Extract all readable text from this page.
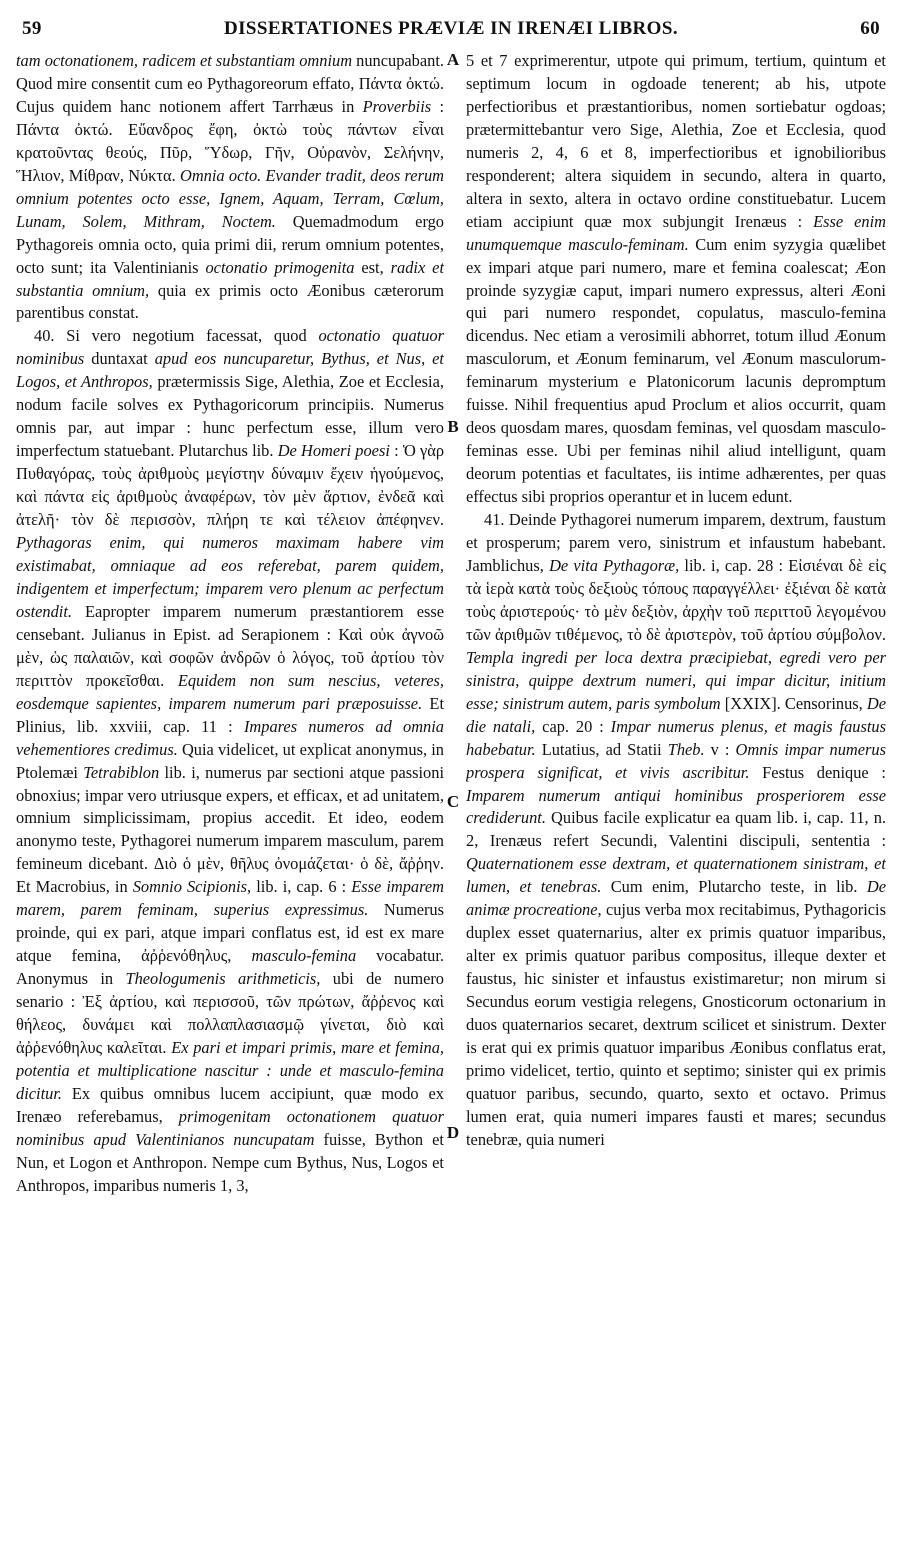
59	DISSERTATIONES PRÆVIÆ IN IRENÆI LIBROS.	60

tam octonationem, radicem et substantiam omnium nuncupabant. Quod mire consentit cum eo Pythagoreorum effato, Πάντα ὀκτώ. Cujus quidem hanc notionem affert Tarrhæus in Proverbiis : Πάντα ὀκτώ. Εὔανδρος ἔφη, ὀκτὼ τοὺς πάντων εἶναι κρατοῦντας θεούς, Πῦρ, Ὕδωρ, Γῆν, Οὐρανὸν, Σελήνην, Ἥλιον, Μίθραν, Νύκτα. Omnia octo. Evander tradit, deos rerum omnium potentes octo esse, Ignem, Aquam, Terram, Cœlum, Lunam, Solem, Mithram, Noctem. Quemadmodum ergo Pythagoreis omnia octo, quia primi dii, rerum omnium potentes, octo sunt; ita Valentinianis octonatio primogenita est, radix et substantia omnium, quia ex primis octo Æonibus cæterorum parentibus constat.

40. Si vero negotium facessat, quod octonatio quatuor nominibus duntaxat apud eos nuncuparetur, Bythus, et Nus, et Logos, et Anthropos, prætermissis Sige, Alethia, Zoe et Ecclesia, nodum facile solves ex Pythagoricorum principiis. Numerus omnis par, aut impar : hunc perfectum esse, illum vero imperfectum statuebant. Plutarchus lib. De Homeri poesi : Ὁ γὰρ Πυθαγόρας, τοὺς ἀριθμοὺς μεγίστην δύναμιν ἔχειν ἡγούμενος, καὶ πάντα εἰς ἀριθμοὺς ἀναφέρων, τὸν μὲν ἄρτιον, ἐνδεᾶ καὶ ἀτελῆ· τὸν δὲ περισσὸν, πλήρη τε καὶ τέλειον ἀπέφηνεν. Pythagoras enim, qui numeros maximam habere vim existimabat, omniaque ad eos referebat, parem quidem, indigentem et imperfectum; imparem vero plenum ac perfectum ostendit. Eapropter imparem numerum præstantiorem esse censebant. Julianus in Epist. ad Serapionem : Καὶ οὐκ ἀγνοῶ μὲν, ὡς παλαιῶν, καὶ σοφῶν ἀνδρῶν ὁ λόγος, τοῦ ἀρτίου τὸν περιττὸν προκεῖσθαι. Equidem non sum nescius, veteres, eosdemque sapientes, imparem numerum pari præposuisse. Et Plinius, lib. xxviii, cap. 11 : Impares numeros ad omnia vehementiores credimus. Quia videlicet, ut explicat anonymus, in Ptolemæi Tetrabiblon lib. i, numerus par sectioni atque passioni obnoxius; impar vero utriusque expers, et efficax, et ad unitatem, omnium simplicissimam, propius accedit. Et ideo, eodem anonymo teste, Pythagorei numerum imparem masculum, parem femineum dicebant. Διὸ ὁ μὲν, θῆλυς ὀνομάζεται· ὁ δὲ, ἄῤῥην. Et Macrobius, in Somnio Scipionis, lib. i, cap. 6 : Esse imparem marem, parem feminam, superius expressimus. Numerus proinde, qui ex pari, atque impari conflatus est, id est ex mare atque femina, ἀῤῥενόθηλυς, masculo-femina vocabatur. Anonymus in Theologumenis arithmeticis, ubi de numero senario : Ἐξ ἀρτίου, καὶ περισσοῦ, τῶν πρώτων, ἄῤῥενος καὶ θήλεος, δυνάμει καὶ πολλαπλασιασμῷ γίνεται, διὸ καὶ ἀῤῥενόθηλυς καλεῖται. Ex pari et impari primis, mare et femina, potentia et multiplicatione nascitur : unde et masculo-femina dicitur. Ex quibus omnibus lucem accipiunt, quæ modo ex Irenæo referebamus, primogenitam octonationem quatuor nominibus apud Valentinianos nuncupatam fuisse, Bython et Nun, et Logon et Anthropon. Nempe cum Bythus, Nus, Logos et Anthropos, imparibus numeris 1, 3,

A
B
C
D

5 et 7 exprimerentur, utpote qui primum, tertium, quintum et septimum locum in ogdoade tenerent; ab his, utpote perfectioribus et præstantioribus, nomen sortiebatur ogdoas; prætermittebantur vero Sige, Alethia, Zoe et Ecclesia, quod numeris 2, 4, 6 et 8, imperfectioribus et ignobilioribus responderent; altera siquidem in secundo, altera in quarto, altera in sexto, altera in octavo ordine constituebatur. Lucem etiam accipiunt quæ mox subjungit Irenæus : Esse enim unumquemque masculo-feminam. Cum enim syzygia quælibet ex impari atque pari numero, mare et femina coalescat; Æon proinde syzygiæ caput, impari numero expressus, alteri Æoni qui pari numero respondet, copulatus, masculo-femina dicendus. Nec etiam a verosimili abhorret, totum illud Æonum masculorum, et Æonum feminarum, vel Æonum masculorum-feminarum mysterium e Platonicorum lacunis depromptum fuisse. Nihil frequentius apud Proclum et alios occurrit, quam deos quosdam mares, quosdam feminas, vel quosdam masculo-feminas esse. Ubi per feminas nihil aliud intelligunt, quam deorum potentias et facultates, iis intime adhærentes, per quas effectus sibi proprios operantur et in lucem edunt.

41. Deinde Pythagorei numerum imparem, dextrum, faustum et prosperum; parem vero, sinistrum et infaustum habebant. Jamblichus, De vita Pythagoræ, lib. i, cap. 28 : Εἰσιέναι δὲ εἰς τὰ ἱερὰ κατὰ τοὺς δεξιοὺς τόπους παραγγέλλει· ἐξιέναι δὲ κατὰ τοὺς ἀριστερούς· τὸ μὲν δεξιὸν, ἀρχὴν τοῦ περιττοῦ λεγομένου τῶν ἀριθμῶν τιθέμενος, τὸ δὲ ἀριστερὸν, τοῦ ἀρτίου σύμβολον. Templa ingredi per loca dextra præcipiebat, egredi vero per sinistra, quippe dextrum numeri, qui impar dicitur, initium esse; sinistrum autem, paris symbolum [XXIX]. Censorinus, De die natali, cap. 20 : Impar numerus plenus, et magis faustus habebatur. Lutatius, ad Statii Theb. v : Omnis impar numerus prospera significat, et vivis ascribitur. Festus denique : Imparem numerum antiqui hominibus prosperiorem esse crediderunt. Quibus facile explicatur ea quam lib. i, cap. 11, n. 2, Irenæus refert Secundi, Valentini discipuli, sententia : Quaternationem esse dextram, et quaternationem sinistram, et lumen, et tenebras. Cum enim, Plutarcho teste, in lib. De animæ procreatione, cujus verba mox recitabimus, Pythagoricis duplex esset quaternarius, alter ex primis quatuor imparibus, alter ex primis quatuor paribus compositus, illeque dexter et faustus, hic sinister et infaustus existimaretur; non mirum si Secundus eorum vestigia relegens, Gnosticorum octonarium in duos quaternarios secaret, dextrum scilicet et sinistrum. Dexter is erat qui ex primis quatuor imparibus Æonibus conflatus erat, primo videlicet, tertio, quinto et septimo; sinister qui ex primis quatuor paribus, secundo, quarto, sexto et octavo. Primus lumen erat, quia numeri impares fausti et mares; secundus tenebræ, quia numeri
